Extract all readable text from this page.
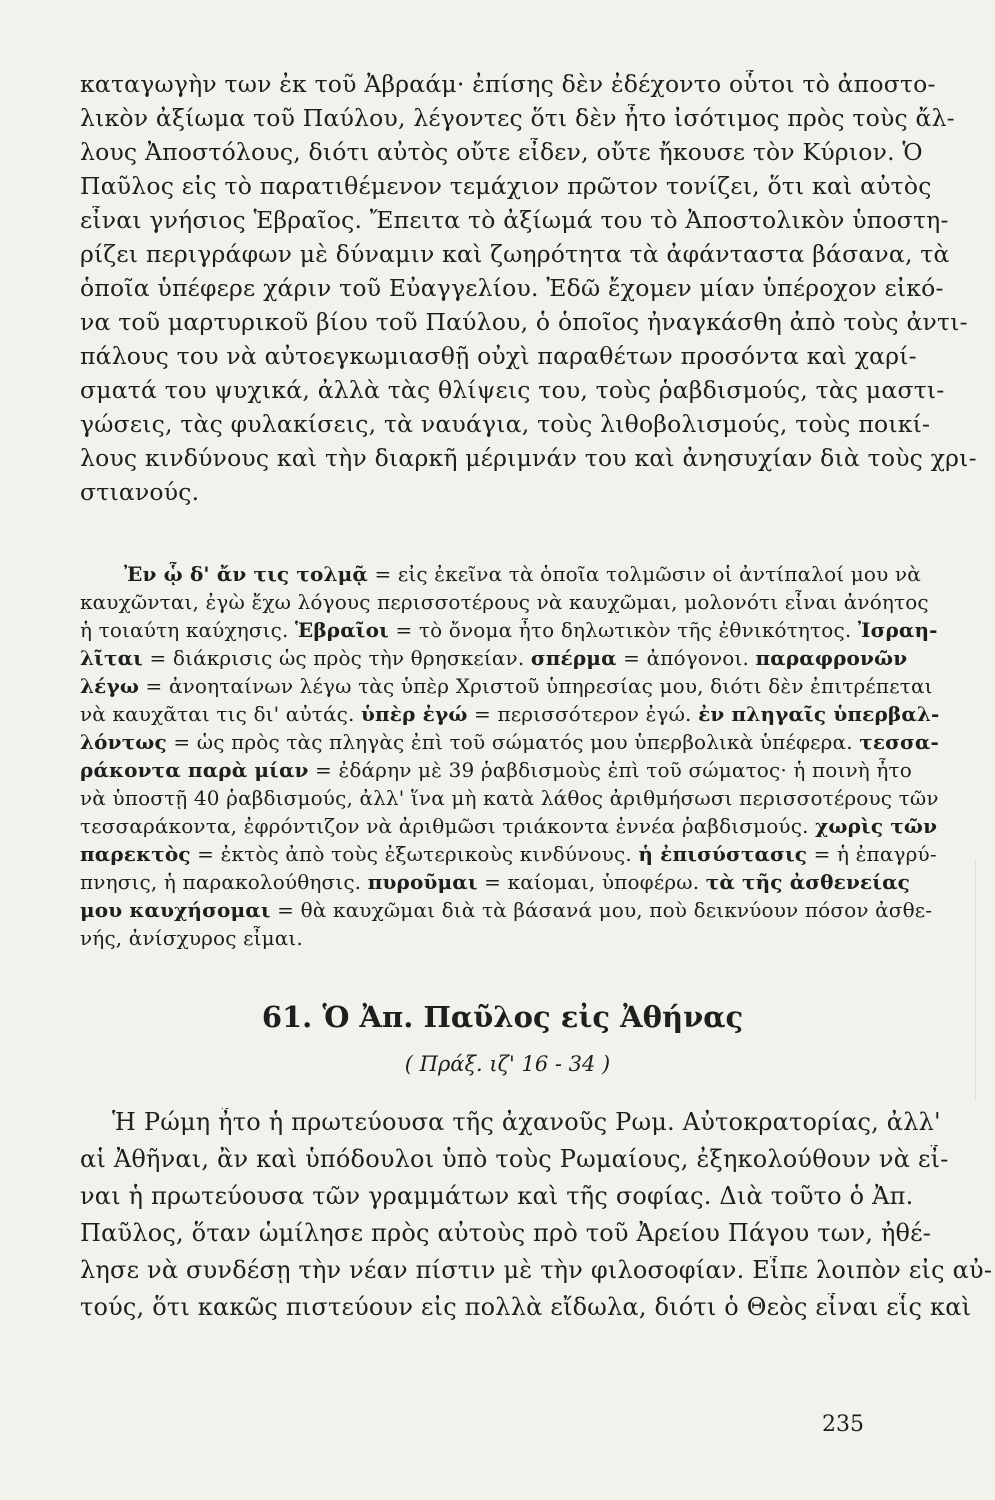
καταγωγὴν των ἐκ τοῦ Ἀβραάμ· ἐπίσης δὲν ἐδέχοντο οὗτοι τὸ ἀποστο-
λικὸν ἀξίωμα τοῦ Παύλου, λέγοντες ὅτι δὲν ἦτο ἰσότιμος πρὸς τοὺς ἄλ-
λους Ἀποστόλους, διότι αὐτὸς οὔτε εἶδεν, οὔτε ἤκουσε τὸν Κύριον. Ὁ
Παῦλος εἰς τὸ παρατιθέμενον τεμάχιον πρῶτον τονίζει, ὅτι καὶ αὐτὸς
εἶναι γνήσιος Ἑβραῖος. Ἔπειτα τὸ ἀξίωμά του τὸ Ἀποστολικὸν ὑποστη-
ρίζει περιγράφων μὲ δύναμιν καὶ ζωηρότητα τὰ ἀφάνταστα βάσανα, τὰ
ὁποῖα ὑπέφερε χάριν τοῦ Εὐαγγελίου. Ἐδῶ ἔχομεν μίαν ὑπέροχον εἰκό-
να τοῦ μαρτυρικοῦ βίου τοῦ Παύλου, ὁ ὁποῖος ἠναγκάσθη ἀπὸ τοὺς ἀντι-
πάλους του νὰ αὐτοεγκωμιασθῇ οὐχὶ παραθέτων προσόντα καὶ χαρί-
σματά του ψυχικά, ἀλλὰ τὰς θλίψεις του, τοὺς ῥαβδισμούς, τὰς μαστι-
γώσεις, τὰς φυλακίσεις, τὰ ναυάγια, τοὺς λιθοβολισμούς, τοὺς ποικί-
λους κινδύνους καὶ τὴν διαρκῆ μέριμνάν του καὶ ἀνησυχίαν διὰ τοὺς χρι-
στιανούς.
Ἐν ᾧ δ' ἄν τις τολμᾷ = εἰς ἐκεῖνα τὰ ὁποῖα τολμῶσιν οἱ ἀντίπαλοί μου νὰ
καυχῶνται, ἐγὼ ἔχω λόγους περισσοτέρους νὰ καυχῶμαι, μολονότι εἶναι ἀνόητος
ἡ τοιαύτη καύχησις. Ἑβραῖοι = τὸ ὄνομα ἦτο δηλωτικὸν τῆς ἐθνικότητος. Ἰσραη-
λῖται = διάκρισις ὡς πρὸς τὴν θρησκείαν. σπέρμα = ἀπόγονοι. παραφρονῶν
λέγω = ἀνοηταίνων λέγω τὰς ὑπὲρ Χριστοῦ ὑπηρεσίας μου, διότι δὲν ἐπιτρέπεται
νὰ καυχᾶται τις δι' αὐτάς. ὑπὲρ ἐγώ = περισσότερον ἐγώ. ἐν πληγαῖς ὑπερβαλ-
λόντως = ὡς πρὸς τὰς πληγὰς ἐπὶ τοῦ σώματός μου ὑπερβολικὰ ὑπέφερα. τεσσα-
ράκοντα παρὰ μίαν = ἐδάρην μὲ 39 ῥαβδισμοὺς ἐπὶ τοῦ σώματος· ἡ ποινὴ ἦτο
νὰ ὑποστῇ 40 ῥαβδισμούς, ἀλλ' ἵνα μὴ κατὰ λάθος ἀριθμήσωσι περισσοτέρους τῶν
τεσσαράκοντα, ἐφρόντιζον νὰ ἀριθμῶσι τριάκοντα ἐννέα ῥαβδισμούς. χωρὶς τῶν
παρεκτὸς = ἐκτὸς ἀπὸ τοὺς ἐξωτερικοὺς κινδύνους. ἡ ἐπισύστασις = ἡ ἐπαγρύ-
πνησις, ἡ παρακολούθησις. πυροῦμαι = καίομαι, ὑποφέρω. τὰ τῆς ἀσθενείας
μου καυχήσομαι = θὰ καυχῶμαι διὰ τὰ βάσανά μου, ποὺ δεικνύουν πόσον ἀσθε-
νής, ἀνίσχυρος εἶμαι.
61. Ὁ Ἀπ. Παῦλος εἰς Ἀθήνας
( Πράξ. ιζ' 16 - 34 )
Ἡ Ρώμη ἦτο ἡ πρωτεύουσα τῆς ἀχανοῦς Ρωμ. Αὐτοκρατορίας, ἀλλ'
αἱ Ἀθῆναι, ἂν καὶ ὑπόδουλοι ὑπὸ τοὺς Ρωμαίους, ἐξηκολούθουν νὰ εἶ-
ναι ἡ πρωτεύουσα τῶν γραμμάτων καὶ τῆς σοφίας. Διὰ τοῦτο ὁ Ἀπ.
Παῦλος, ὅταν ὡμίλησε πρὸς αὐτοὺς πρὸ τοῦ Ἀρείου Πάγου των, ἠθέ-
λησε νὰ συνδέσῃ τὴν νέαν πίστιν μὲ τὴν φιλοσοφίαν. Εἶπε λοιπὸν εἰς αὐ-
τούς, ὅτι κακῶς πιστεύουν εἰς πολλὰ εἴδωλα, διότι ὁ Θεὸς εἶναι εἷς καὶ
235
